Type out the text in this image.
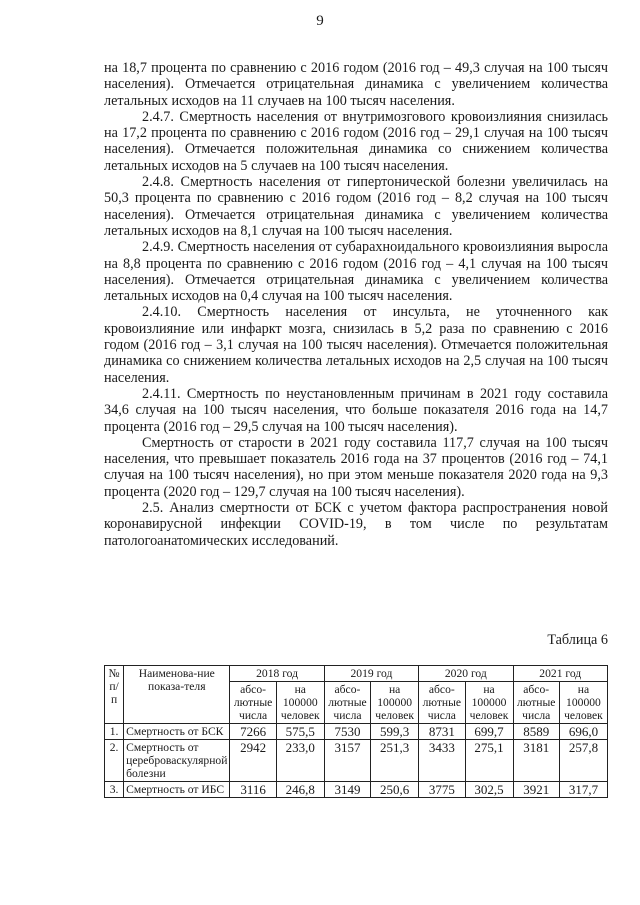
9

на 18,7 процента по сравнению с 2016 годом (2016 год – 49,3 случая на 100 тысяч населения). Отмечается отрицательная динамика с увеличением количества летальных исходов на 11 случаев на 100 тысяч населения.

2.4.7. Смертность населения от внутримозгового кровоизлияния снизилась на 17,2 процента по сравнению с 2016 годом (2016 год – 29,1 случая на 100 тысяч населения). Отмечается положительная динамика со снижением количества летальных исходов на 5 случаев на 100 тысяч населения.

2.4.8. Смертность населения от гипертонической болезни увеличилась на 50,3 процента по сравнению с 2016 годом (2016 год – 8,2 случая на 100 тысяч населения). Отмечается отрицательная динамика с увеличением количества летальных исходов на 8,1 случая на 100 тысяч населения.

2.4.9. Смертность населения от субарахноидального кровоизлияния выросла на 8,8 процента по сравнению с 2016 годом (2016 год – 4,1 случая на 100 тысяч населения). Отмечается отрицательная динамика с увеличением количества летальных исходов на 0,4 случая на 100 тысяч населения.

2.4.10. Смертность населения от инсульта, не уточненного как кровоизлияние или инфаркт мозга, снизилась в 5,2 раза по сравнению с 2016 годом (2016 год – 3,1 случая на 100 тысяч населения). Отмечается положительная динамика со снижением количества летальных исходов на 2,5 случая на 100 тысяч населения.

2.4.11. Смертность по неустановленным причинам в 2021 году составила 34,6 случая на 100 тысяч населения, что больше показателя 2016 года на 14,7 процента (2016 год – 29,5 случая на 100 тысяч населения).

Смертность от старости в 2021 году составила 117,7 случая на 100 тысяч населения, что превышает показатель 2016 года на 37 процентов (2016 год – 74,1 случая на 100 тысяч населения), но при этом меньше показателя 2020 года на 9,3 процента (2020 год – 129,7 случая на 100 тысяч населения).

2.5. Анализ смертности от БСК с учетом фактора распространения новой коронавирусной инфекции COVID-19, в том числе по результатам патологоанатомических исследований.

Таблица 6
№ п/п	Наименова-ние показа-теля	2018 год		2019 год		2020 год		2021 год	
		абсо-лютные числа	на 100000 человек	абсо-лютные числа	на 100000 человек	абсо-лютные числа	на 100000 человек	абсо-лютные числа	на 100000 человек
1.	Смертность от БСК	7266	575,5	7530	599,3	8731	699,7	8589	696,0
2.	Смертность от цереброваскулярной болезни	2942	233,0	3157	251,3	3433	275,1	3181	257,8
3.	Смертность от ИБС	3116	246,8	3149	250,6	3775	302,5	3921	317,7
